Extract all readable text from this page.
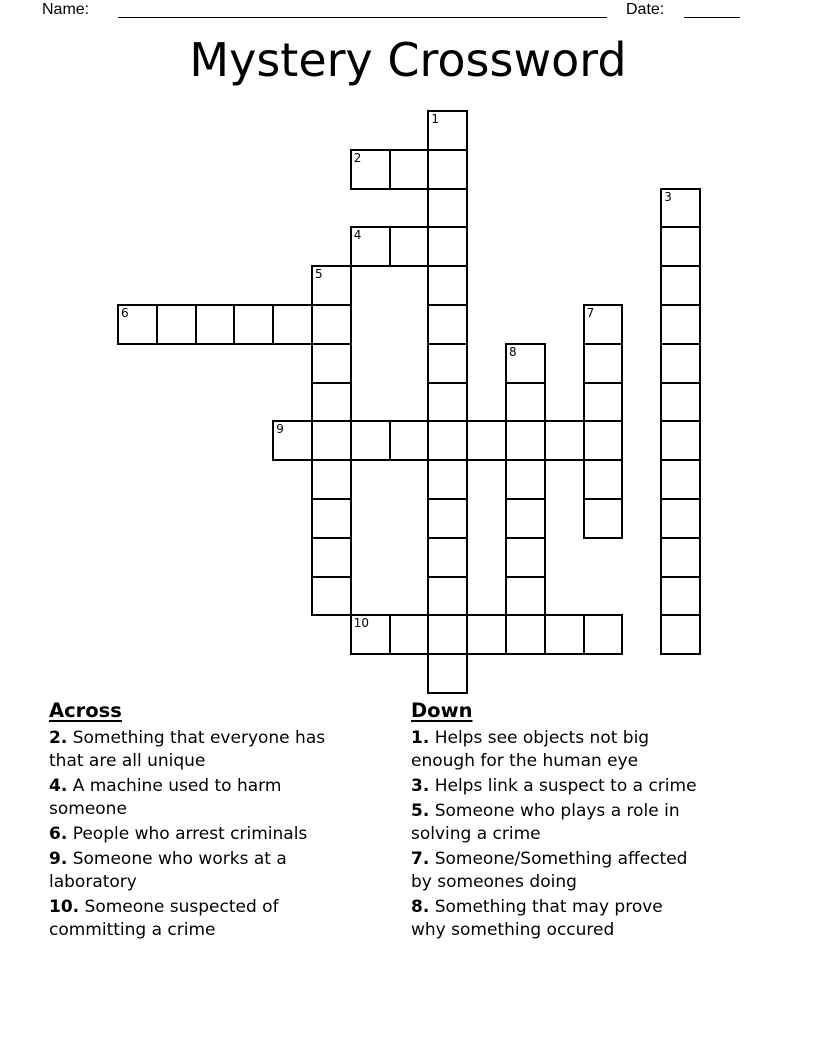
Name:	Date:
Mystery Crossword
1
2
3
4
5
6	7
8
9
10
Across

2. Something that everyone has
that are all unique

4. A machine used to harm
someone

6. People who arrest criminals

9. Someone who works at a
laboratory

10. Someone suspected of
committing a crime

Down

1. Helps see objects not big
enough for the human eye

3. Helps link a suspect to a crime

5. Someone who plays a role in
solving a crime

7. Someone/Something affected
by someones doing

8. Something that may prove
why something occured
